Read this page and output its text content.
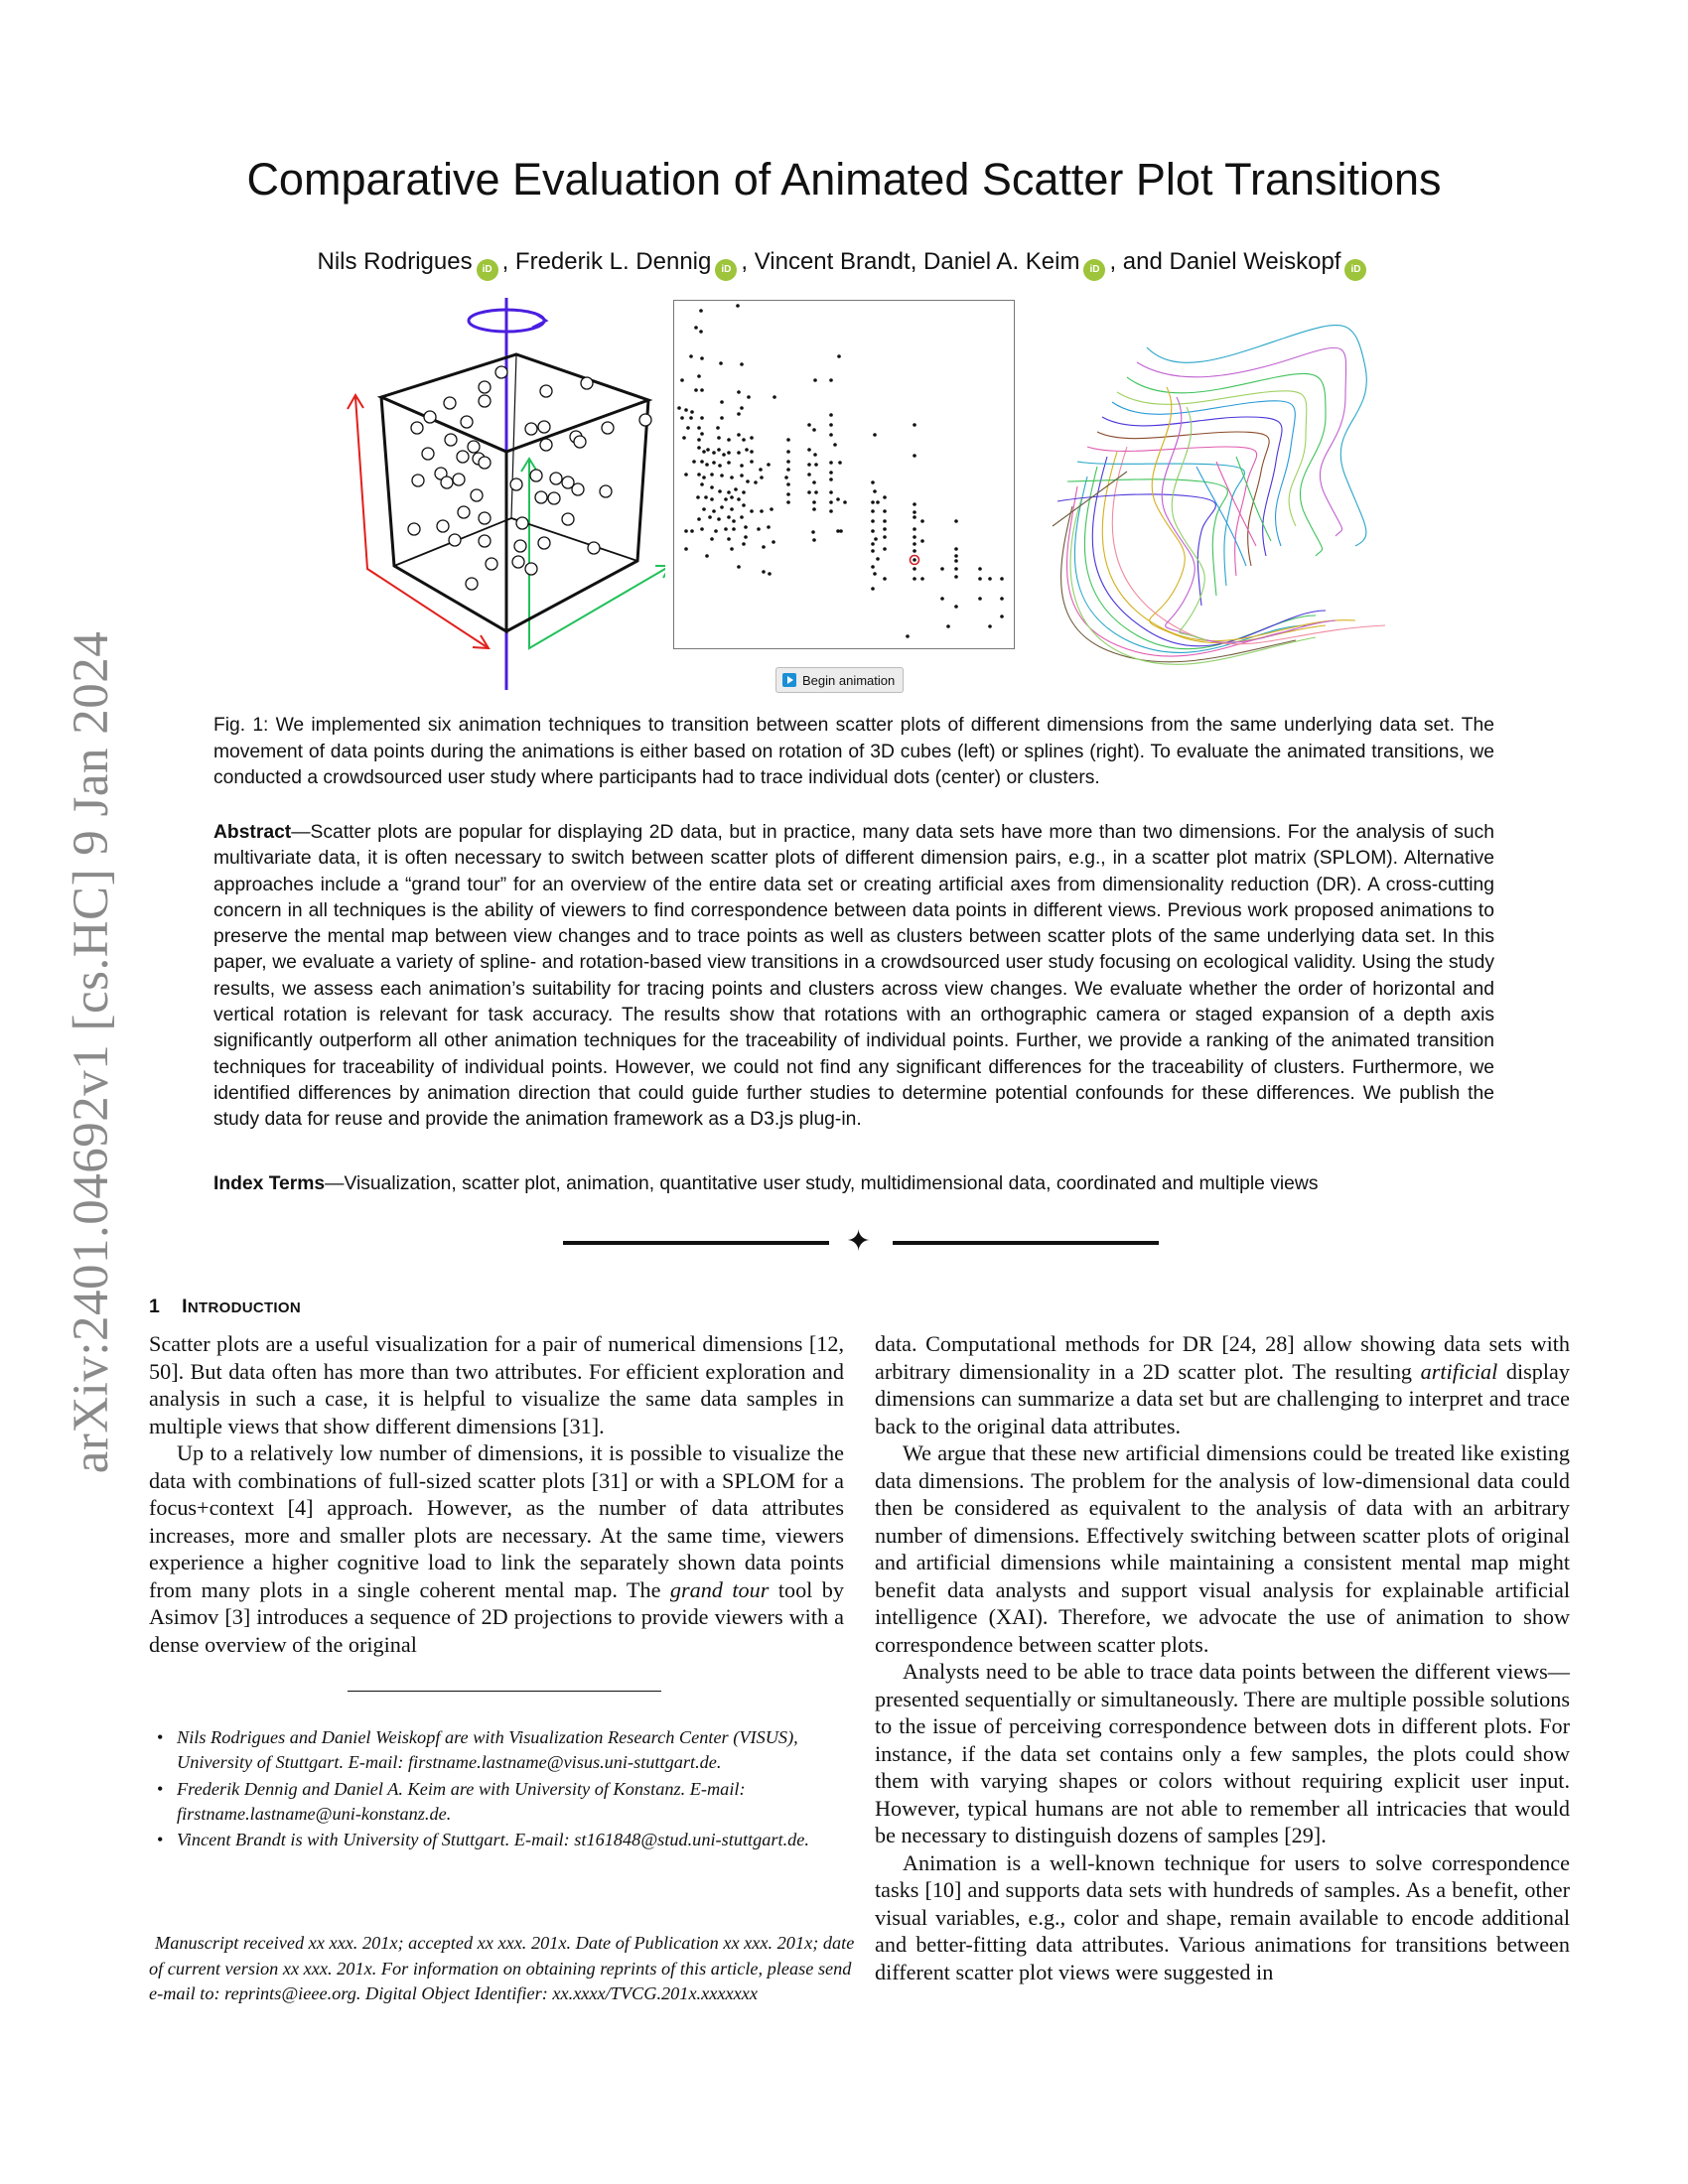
arXiv:2401.04692v1 [cs.HC] 9 Jan 2024
Comparative Evaluation of Animated Scatter Plot Transitions
Nils Rodrigues iD , Frederik L. Dennig iD , Vincent Brandt, Daniel A. Keim iD , and Daniel Weiskopf iD
Begin animation
Fig. 1: We implemented six animation techniques to transition between scatter plots of different dimensions from the same underlying data set. The movement of data points during the animations is either based on rotation of 3D cubes (left) or splines (right). To evaluate the animated transitions, we conducted a crowdsourced user study where participants had to trace individual dots (center) or clusters.
Abstract—Scatter plots are popular for displaying 2D data, but in practice, many data sets have more than two dimensions. For the analysis of such multivariate data, it is often necessary to switch between scatter plots of different dimension pairs, e.g., in a scatter plot matrix (SPLOM). Alternative approaches include a “grand tour” for an overview of the entire data set or creating artificial axes from dimensionality reduction (DR). A cross-cutting concern in all techniques is the ability of viewers to find correspondence between data points in different views. Previous work proposed animations to preserve the mental map between view changes and to trace points as well as clusters between scatter plots of the same underlying data set. In this paper, we evaluate a variety of spline- and rotation-based view transitions in a crowdsourced user study focusing on ecological validity. Using the study results, we assess each animation’s suitability for tracing points and clusters across view changes. We evaluate whether the order of horizontal and vertical rotation is relevant for task accuracy. The results show that rotations with an orthographic camera or staged expansion of a depth axis significantly outperform all other animation techniques for the traceability of individual points. Further, we provide a ranking of the animated transition techniques for traceability of individual points. However, we could not find any significant differences for the traceability of clusters. Furthermore, we identified differences by animation direction that could guide further studies to determine potential confounds for these differences. We publish the study data for reuse and provide the animation framework as a D3.js plug-in.
Index Terms—Visualization, scatter plot, animation, quantitative user study, multidimensional data, coordinated and multiple views
✦
1 INTRODUCTION

Scatter plots are a useful visualization for a pair of numerical dimensions [12, 50]. But data often has more than two attributes. For efficient exploration and analysis in such a case, it is helpful to visualize the same data samples in multiple views that show different dimensions [31].

Up to a relatively low number of dimensions, it is possible to visualize the data with combinations of full-sized scatter plots [31] or with a SPLOM for a focus+context [4] approach. However, as the number of data attributes increases, more and smaller plots are necessary. At the same time, viewers experience a higher cognitive load to link the separately shown data points from many plots in a single coherent mental map. The grand tour tool by Asimov [3] introduces a sequence of 2D projections to provide viewers with a dense overview of the original

• Nils Rodrigues and Daniel Weiskopf are with Visualization Research Center (VISUS), University of Stuttgart. E-mail: firstname.lastname@visus.uni-stuttgart.de.
• Frederik Dennig and Daniel A. Keim are with University of Konstanz. E-mail: firstname.lastname@uni-konstanz.de.
• Vincent Brandt is with University of Stuttgart. E-mail: st161848@stud.uni-stuttgart.de.
Manuscript received xx xxx. 201x; accepted xx xxx. 201x. Date of Publication xx xxx. 201x; date of current version xx xxx. 201x. For information on obtaining reprints of this article, please send e-mail to: reprints@ieee.org. Digital Object Identifier: xx.xxxx/TVCG.201x.xxxxxxx

data. Computational methods for DR [24, 28] allow showing data sets with arbitrary dimensionality in a 2D scatter plot. The resulting artificial display dimensions can summarize a data set but are challenging to interpret and trace back to the original data attributes.

We argue that these new artificial dimensions could be treated like existing data dimensions. The problem for the analysis of low-dimensional data could then be considered as equivalent to the analysis of data with an arbitrary number of dimensions. Effectively switching between scatter plots of original and artificial dimensions while maintaining a consistent mental map might benefit data analysts and support visual analysis for explainable artificial intelligence (XAI). Therefore, we advocate the use of animation to show correspondence between scatter plots.

Analysts need to be able to trace data points between the different views—presented sequentially or simultaneously. There are multiple possible solutions to the issue of perceiving correspondence between dots in different plots. For instance, if the data set contains only a few samples, the plots could show them with varying shapes or colors without requiring explicit user input. However, typical humans are not able to remember all intricacies that would be necessary to distinguish dozens of samples [29].

Animation is a well-known technique for users to solve correspondence tasks [10] and supports data sets with hundreds of samples. As a benefit, other visual variables, e.g., color and shape, remain available to encode additional and better-fitting data attributes. Various animations for transitions between different scatter plot views were suggested in
